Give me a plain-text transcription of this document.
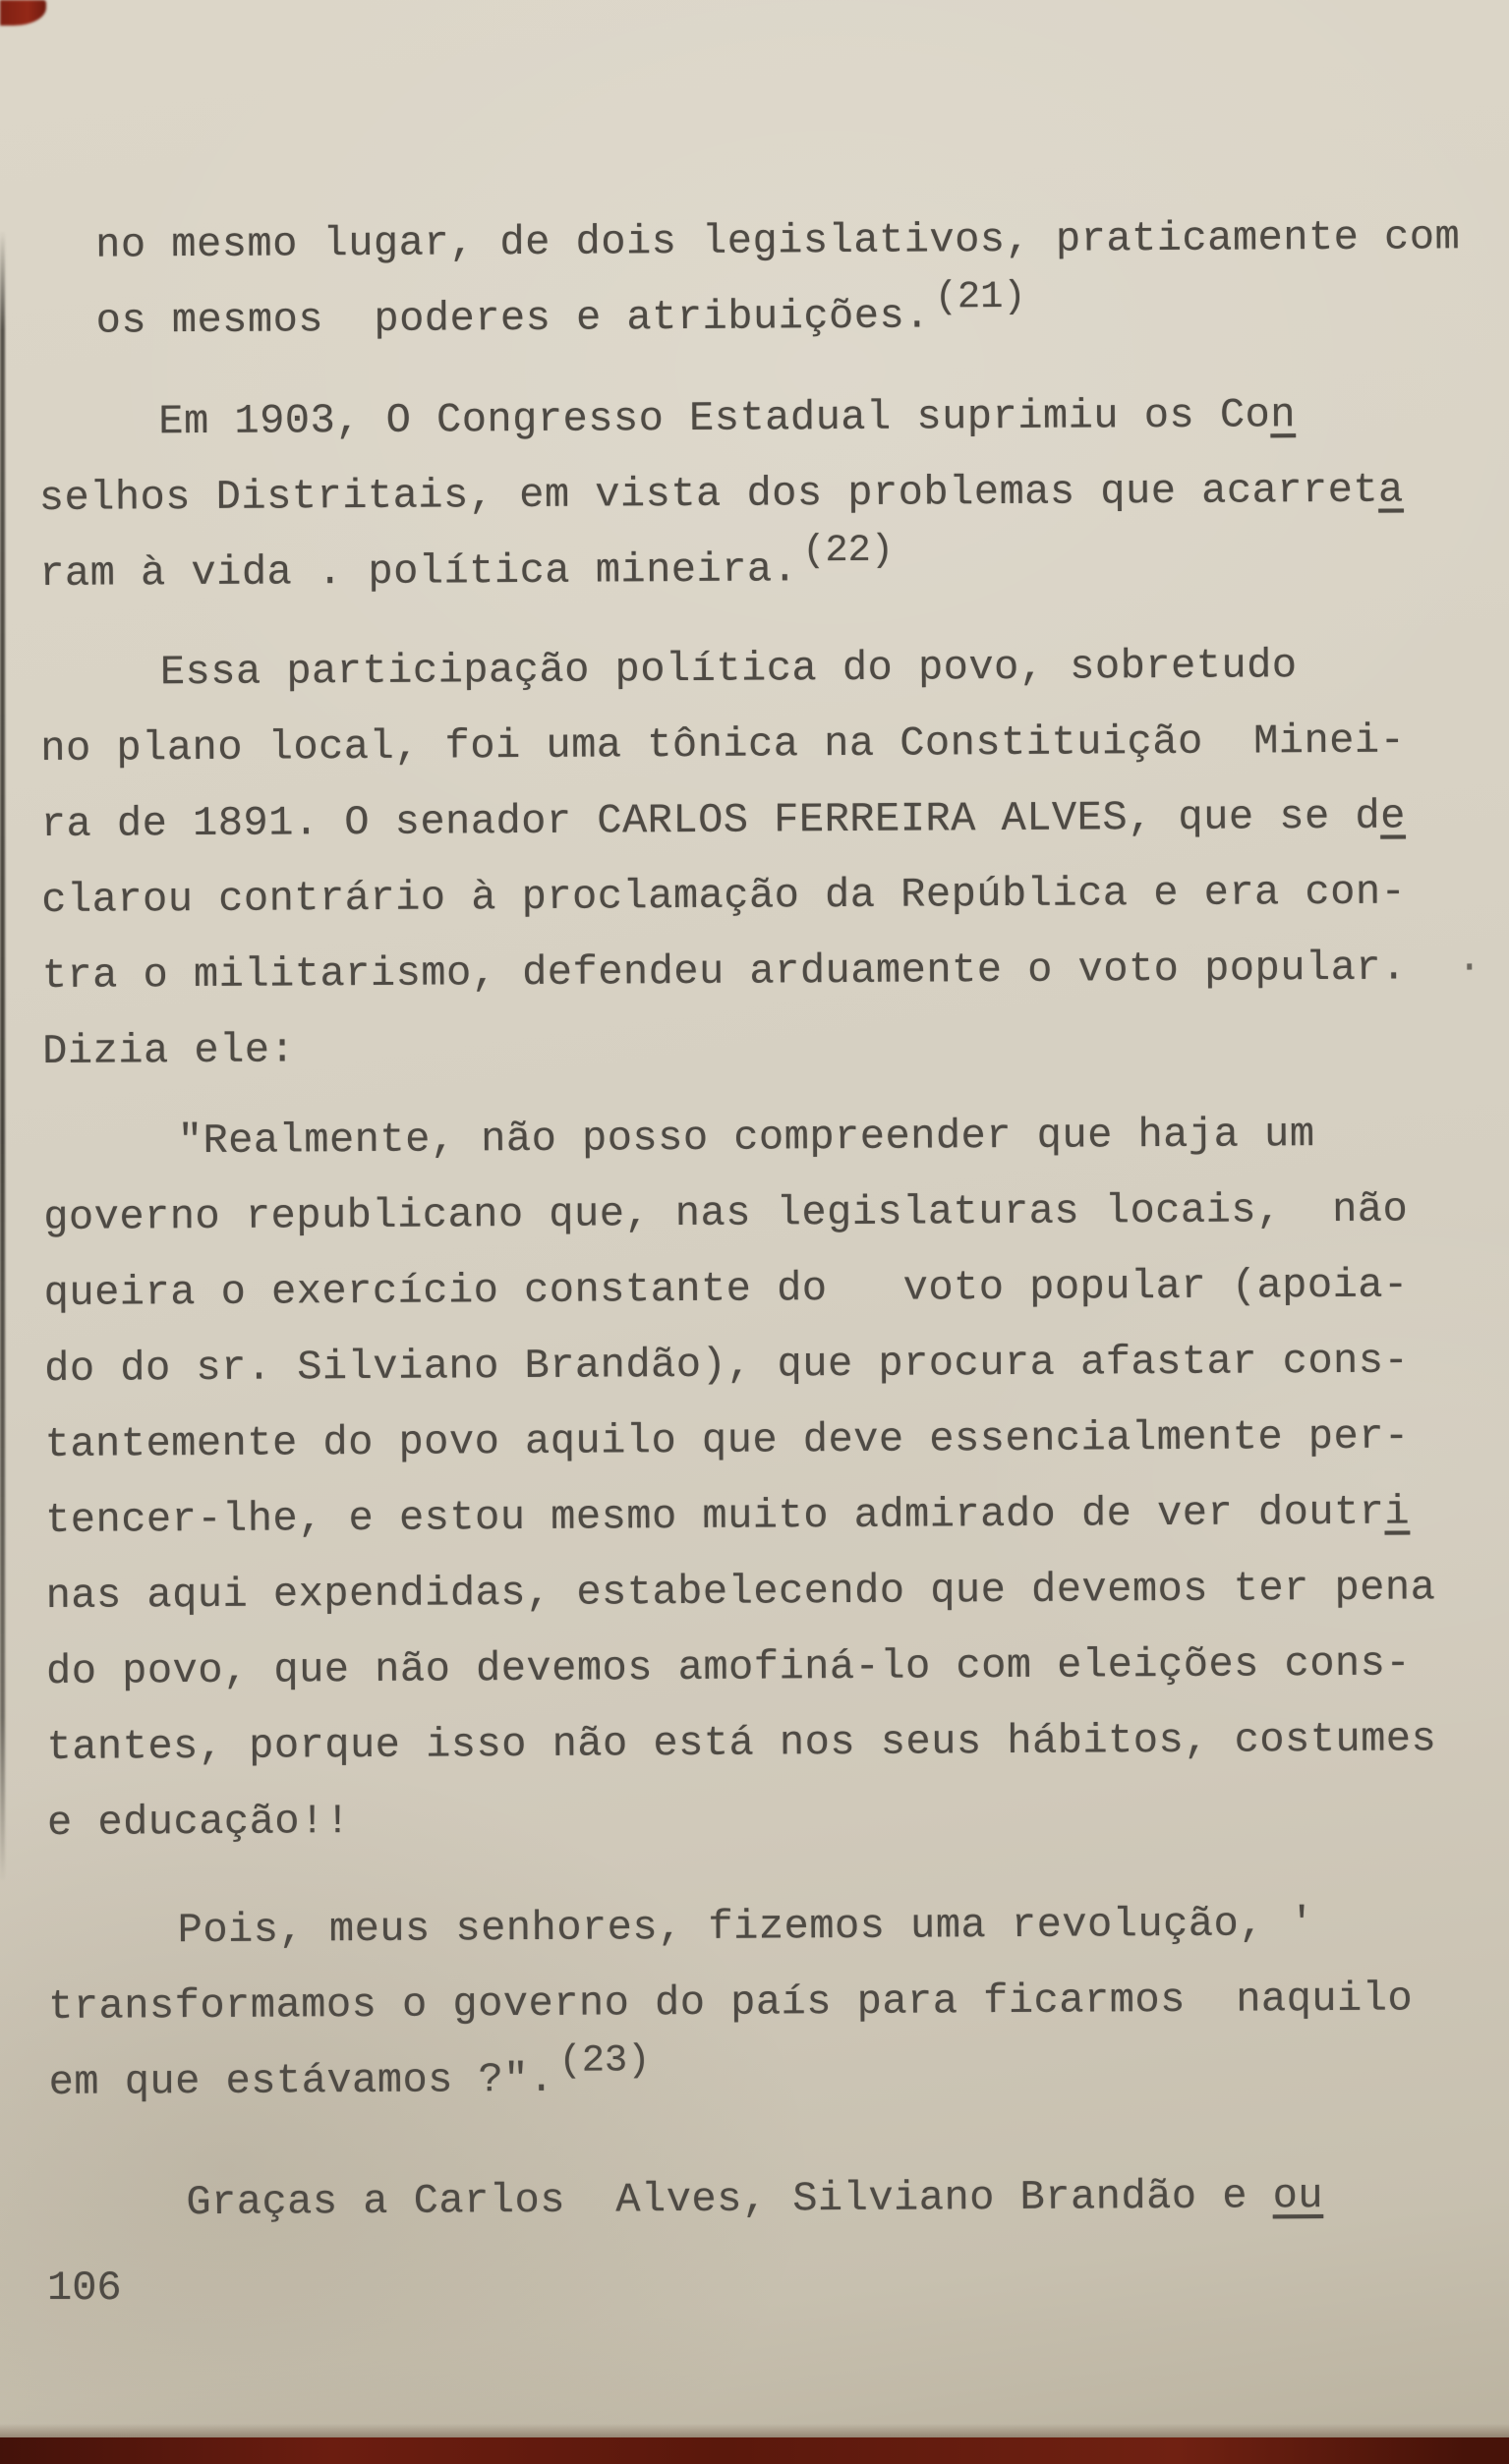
no mesmo lugar, de dois legislativos, praticamente com
os mesmos  poderes e atribuições. (21)
Em 1903, O Congresso Estadual suprimiu os Con
selhos Distritais, em vista dos problemas que acarreta
ram à vida . política mineira. (22)
Essa participação política do povo, sobretudo
no plano local, foi uma tônica na Constituição  Minei-
ra de 1891. O senador CARLOS FERREIRA ALVES, que se de
clarou contrário à proclamação da República e era con-
tra o militarismo, defendeu arduamente o voto popular.  ·
Dizia ele:
"Realmente, não posso compreender que haja um
governo republicano que, nas legislaturas locais,  não
queira o exercício constante do   voto popular (apoia-
do do sr. Silviano Brandão), que procura afastar cons-
tantemente do povo aquilo que deve essencialmente per-
tencer-lhe, e estou mesmo muito admirado de ver doutri
nas aqui expendidas, estabelecendo que devemos ter pena
do povo, que não devemos amofiná-lo com eleições cons-
tantes, porque isso não está nos seus hábitos, costumes
e educação!!
Pois, meus senhores, fizemos uma revolução, '
transformamos o governo do país para ficarmos  naquilo
em que estávamos ?". (23)
Graças a Carlos  Alves, Silviano Brandão e ou
106
